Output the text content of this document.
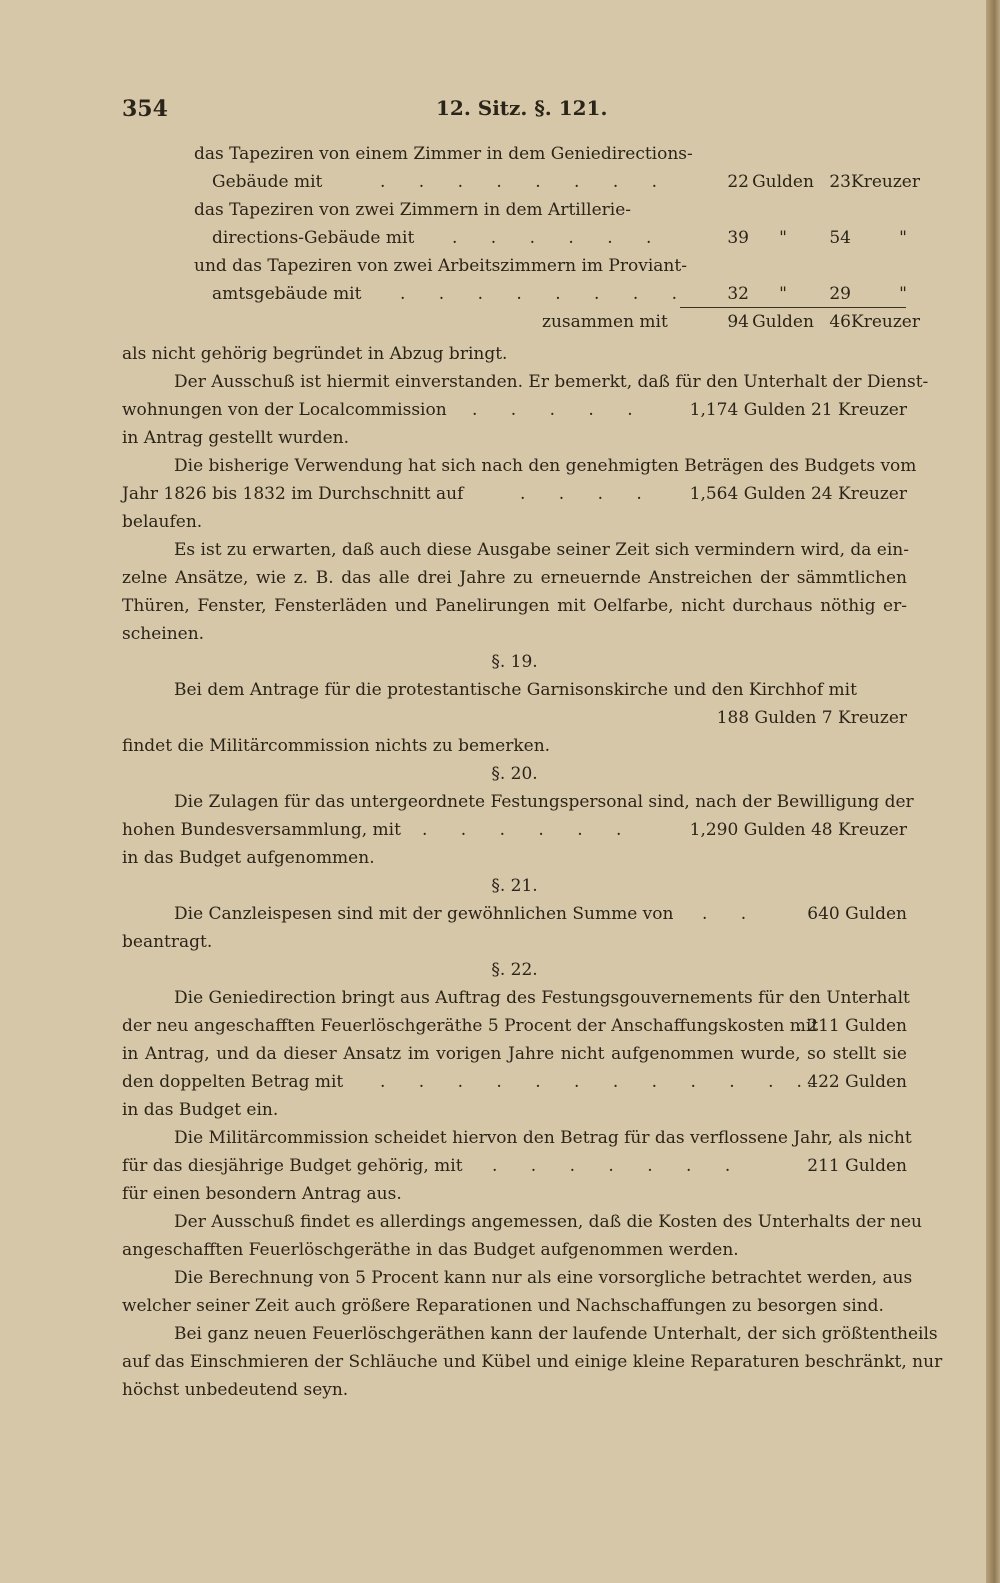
354	12. Sitz. §. 121.
das Tapeziren von einem Zimmer in dem Geniedirections-
Gebäude mit	. . . . . . . .	22 Gulden 23Kreuzer
das Tapeziren von zwei Zimmern in dem Artillerie-
directions-Gebäude mit	. . . . . .	39 " 54	"
und das Tapeziren von zwei Arbeitszimmern im Proviant-
amtsgebäude mit	. . . . . . . .	32 " 29	"
zusammen mit	94 Gulden 46Kreuzer
als nicht gehörig begründet in Abzug bringt.
Der Ausschuß ist hiermit einverstanden. Er bemerkt, daß für den Unterhalt der Dienst-
wohnungen von der Localcommission . . . . .	1,174 Gulden 21 Kreuzer
in Antrag gestellt wurden.
Die bisherige Verwendung hat sich nach den genehmigten Beträgen des Budgets vom
Jahr 1826 bis 1832 im Durchschnitt auf	. . . .	1,564 Gulden 24 Kreuzer
belaufen.
Es ist zu erwarten, daß auch diese Ausgabe seiner Zeit sich vermindern wird, da ein-
zelne Ansätze, wie z. B. das alle drei Jahre zu erneuernde Anstreichen der sämmtlichen
Thüren, Fenster, Fensterläden und Panelirungen mit Oelfarbe, nicht durchaus nöthig er-
scheinen.
§. 19.
Bei dem Antrage für die protestantische Garnisonskirche und den Kirchhof mit
188 Gulden 7 Kreuzer
findet die Militärcommission nichts zu bemerken.
§. 20.
Die Zulagen für das untergeordnete Festungspersonal sind, nach der Bewilligung der
hohen Bundesversammlung, mit	. . . . . .	1,290 Gulden 48 Kreuzer
in das Budget aufgenommen.
§. 21.
Die Canzleispesen sind mit der gewöhnlichen Summe von	. .	640 Gulden
beantragt.
§. 22.
Die Geniedirection bringt aus Auftrag des Festungsgouvernements für den Unterhalt
der neu angeschafften Feuerlöschgeräthe 5 Procent der Anschaffungskosten mit
. 211 Gulden
in Antrag, und da dieser Ansatz im vorigen Jahre nicht aufgenommen wurde, so stellt sie
den doppelten Betrag mit	. . . . . . . . . . . .
. 422 Gulden
in das Budget ein.
Die Militärcommission scheidet hiervon den Betrag für das verflossene Jahr, als nicht
für das diesjährige Budget gehörig, mit	. . . . . . .	211 Gulden
für einen besondern Antrag aus.
Der Ausschuß findet es allerdings angemessen, daß die Kosten des Unterhalts der neu
angeschafften Feuerlöschgeräthe in das Budget aufgenommen werden.
Die Berechnung von 5 Procent kann nur als eine vorsorgliche betrachtet werden, aus
welcher seiner Zeit auch größere Reparationen und Nachschaffungen zu besorgen sind.
Bei ganz neuen Feuerlöschgeräthen kann der laufende Unterhalt, der sich größtentheils
auf das Einschmieren der Schläuche und Kübel und einige kleine Reparaturen beschränkt, nur
höchst unbedeutend seyn.
